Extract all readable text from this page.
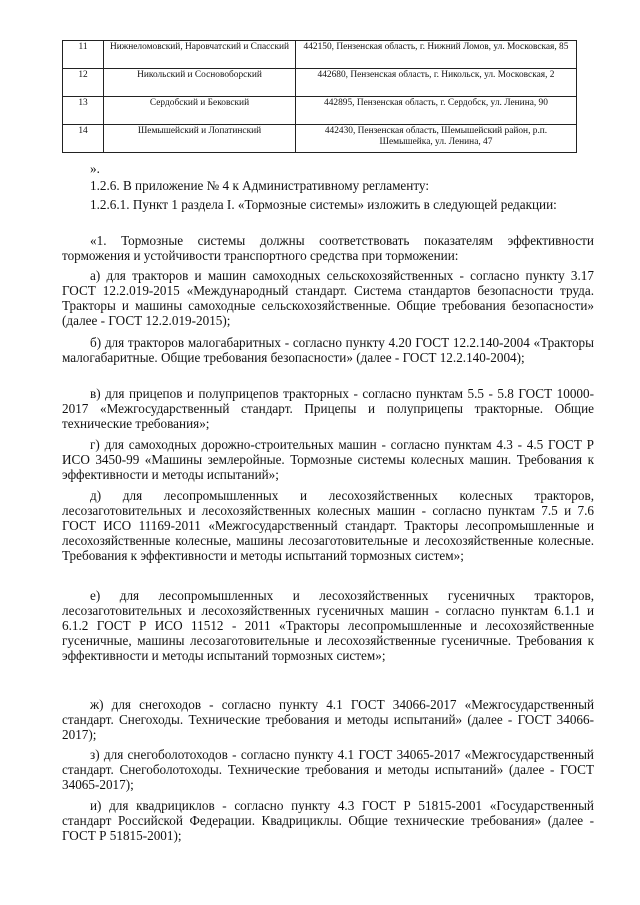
11	Нижнеломовский, Наровчатский и Спасский	442150, Пензенская область, г. Нижний Ломов, ул. Московская, 85
12	Никольский и Сосновоборский	442680, Пензенская область, г. Никольск, ул. Московская, 2
13	Сердобский и Бековский	442895, Пензенская область, г. Сердобск, ул. Ленина, 90
14	Шемышейский и Лопатинский	442430, Пензенская область, Шемышейский район, р.п. Шемышейка, ул. Ленина, 47
».

1.2.6. В приложение № 4 к Административному регламенту:

1.2.6.1. Пункт 1 раздела I. «Тормозные системы» изложить в следующей редакции:

«1. Тормозные системы должны соответствовать показателям эффективности торможения и устойчивости транспортного средства при торможении:

а) для тракторов и машин самоходных сельскохозяйственных - согласно пункту 3.17 ГОСТ 12.2.019-2015 «Международный стандарт. Система стандартов безопасности труда. Тракторы и машины самоходные сельскохозяйственные. Общие требования безопасности» (далее - ГОСТ 12.2.019-2015);

б) для тракторов малогабаритных - согласно пункту 4.20 ГОСТ 12.2.140-2004 «Тракторы малогабаритные. Общие требования безопасности» (далее - ГОСТ 12.2.140-2004);

в) для прицепов и полуприцепов тракторных - согласно пунктам 5.5 - 5.8 ГОСТ 10000-2017 «Межгосударственный стандарт. Прицепы и полуприцепы тракторные. Общие технические требования»;

г) для самоходных дорожно-строительных машин - согласно пунктам 4.3 - 4.5 ГОСТ Р ИСО 3450-99 «Машины землеройные. Тормозные системы колесных машин. Требования к эффективности и методы испытаний»;

д) для лесопромышленных и лесохозяйственных колесных тракторов, лесозаготовительных и лесохозяйственных колесных машин - согласно пунктам 7.5 и 7.6 ГОСТ ИСО 11169-2011 «Межгосударственный стандарт. Тракторы лесопромышленные и лесохозяйственные колесные, машины лесозаготовительные и лесохозяйственные колесные. Требования к эффективности и методы испытаний тормозных систем»;

е) для лесопромышленных и лесохозяйственных гусеничных тракторов, лесозаготовительных и лесохозяйственных гусеничных машин - согласно пунктам 6.1.1 и 6.1.2 ГОСТ Р ИСО 11512 - 2011 «Тракторы лесопромышленные и лесохозяйственные гусеничные, машины лесозаготовительные и лесохозяйственные гусеничные. Требования к эффективности и методы испытаний тормозных систем»;

ж) для снегоходов - согласно пункту 4.1 ГОСТ 34066-2017 «Межгосударственный стандарт. Снегоходы. Технические требования и методы испытаний» (далее - ГОСТ 34066-2017);

з) для снегоболотоходов - согласно пункту 4.1 ГОСТ 34065-2017 «Межгосударственный стандарт. Снегоболотоходы. Технические требования и методы испытаний» (далее - ГОСТ 34065-2017);

и) для квадрициклов - согласно пункту 4.3 ГОСТ Р 51815-2001 «Государственный стандарт Российской Федерации. Квадрициклы. Общие технические требования» (далее - ГОСТ Р 51815-2001);
